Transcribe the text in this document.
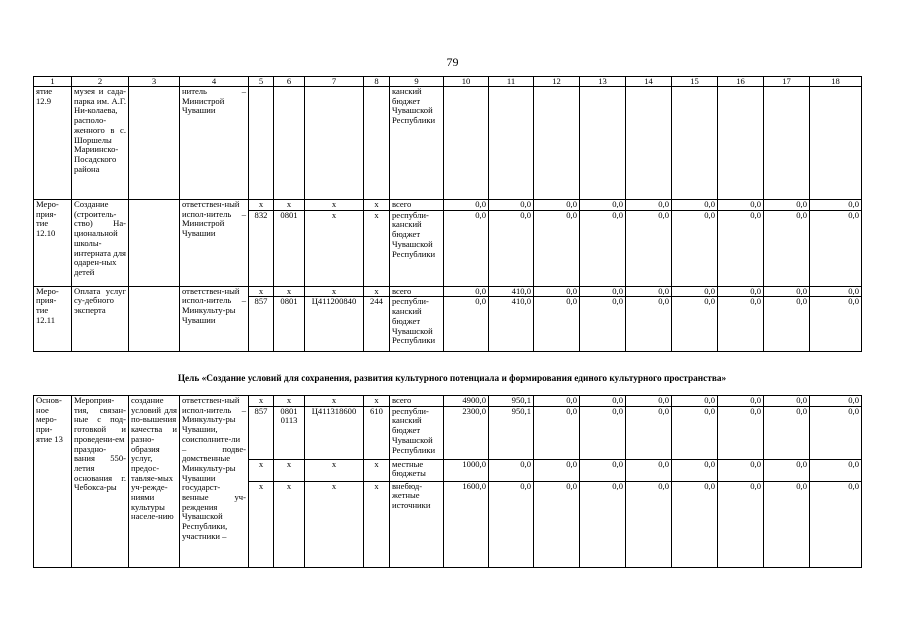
79
1	2	3	4	5	6	7	8	9	10	11	12	13	14	15	16	17	18
ятие
12.9	музея и сада-парка им. А.Г. Ни-колаева, располо-женного в с. Шоршелы Мариинско-Посадского района		нитель – Министрой Чувашии					канский бюджет Чувашской Республики									
Меро-
прия-
тие
12.10	Создание (строитель-ство) На-циональной школы-интерната для одарен-ных детей		ответствен-ный испол-нитель – Министрой Чувашии	x	x	x	x	всего	0,0	0,0	0,0	0,0	0,0	0,0	0,0	0,0	0,0
				832	0801	x	x	республи-канский бюджет Чувашской Республики	0,0	0,0	0,0	0,0	0,0	0,0	0,0	0,0	0,0
Меро-
прия-
тие
12.11	Оплата услуг су-дебного эксперта		ответствен-ный испол-нитель – Минкульту-ры Чувашии	x	x	x	x	всего	0,0	410,0	0,0	0,0	0,0	0,0	0,0	0,0	0,0
				857	0801	Ц411200840	244	республи-канский бюджет Чувашской Республики	0,0	410,0	0,0	0,0	0,0	0,0	0,0	0,0	0,0
Цель «Создание условий для сохранения, развития культурного потенциала и формирования единого культурного пространства»
Основ-
ное
меро-
при-
ятие 13	Мероприя-тия, связан-ные с под-готовкой и проведени-ем праздно-вания 550-летия основания г. Чебокса-ры	создание условий для по-вышения качества и разно-образия услуг, предос-тавляе-мых уч-режде-ниями культуры населе-нию	ответствен-ный испол-нитель – Минкульту-ры Чувашии, соисполните-ли – подве-домственные Минкульту-ры Чувашии государст-венные уч-реждения Чувашской Республики, участники –	x	x	x	x	всего	4900,0	950,1	0,0	0,0	0,0	0,0	0,0	0,0	0,0
				857	0801 0113	Ц411318600	610	республи-канский бюджет Чувашской Республики	2300,0	950,1	0,0	0,0	0,0	0,0	0,0	0,0	0,0
				x	x	x	x	местные бюджеты	1000,0	0,0	0,0	0,0	0,0	0,0	0,0	0,0	0,0
				x	x	x	x	внебюд-жетные источники	1600,0	0,0	0,0	0,0	0,0	0,0	0,0	0,0	0,0
